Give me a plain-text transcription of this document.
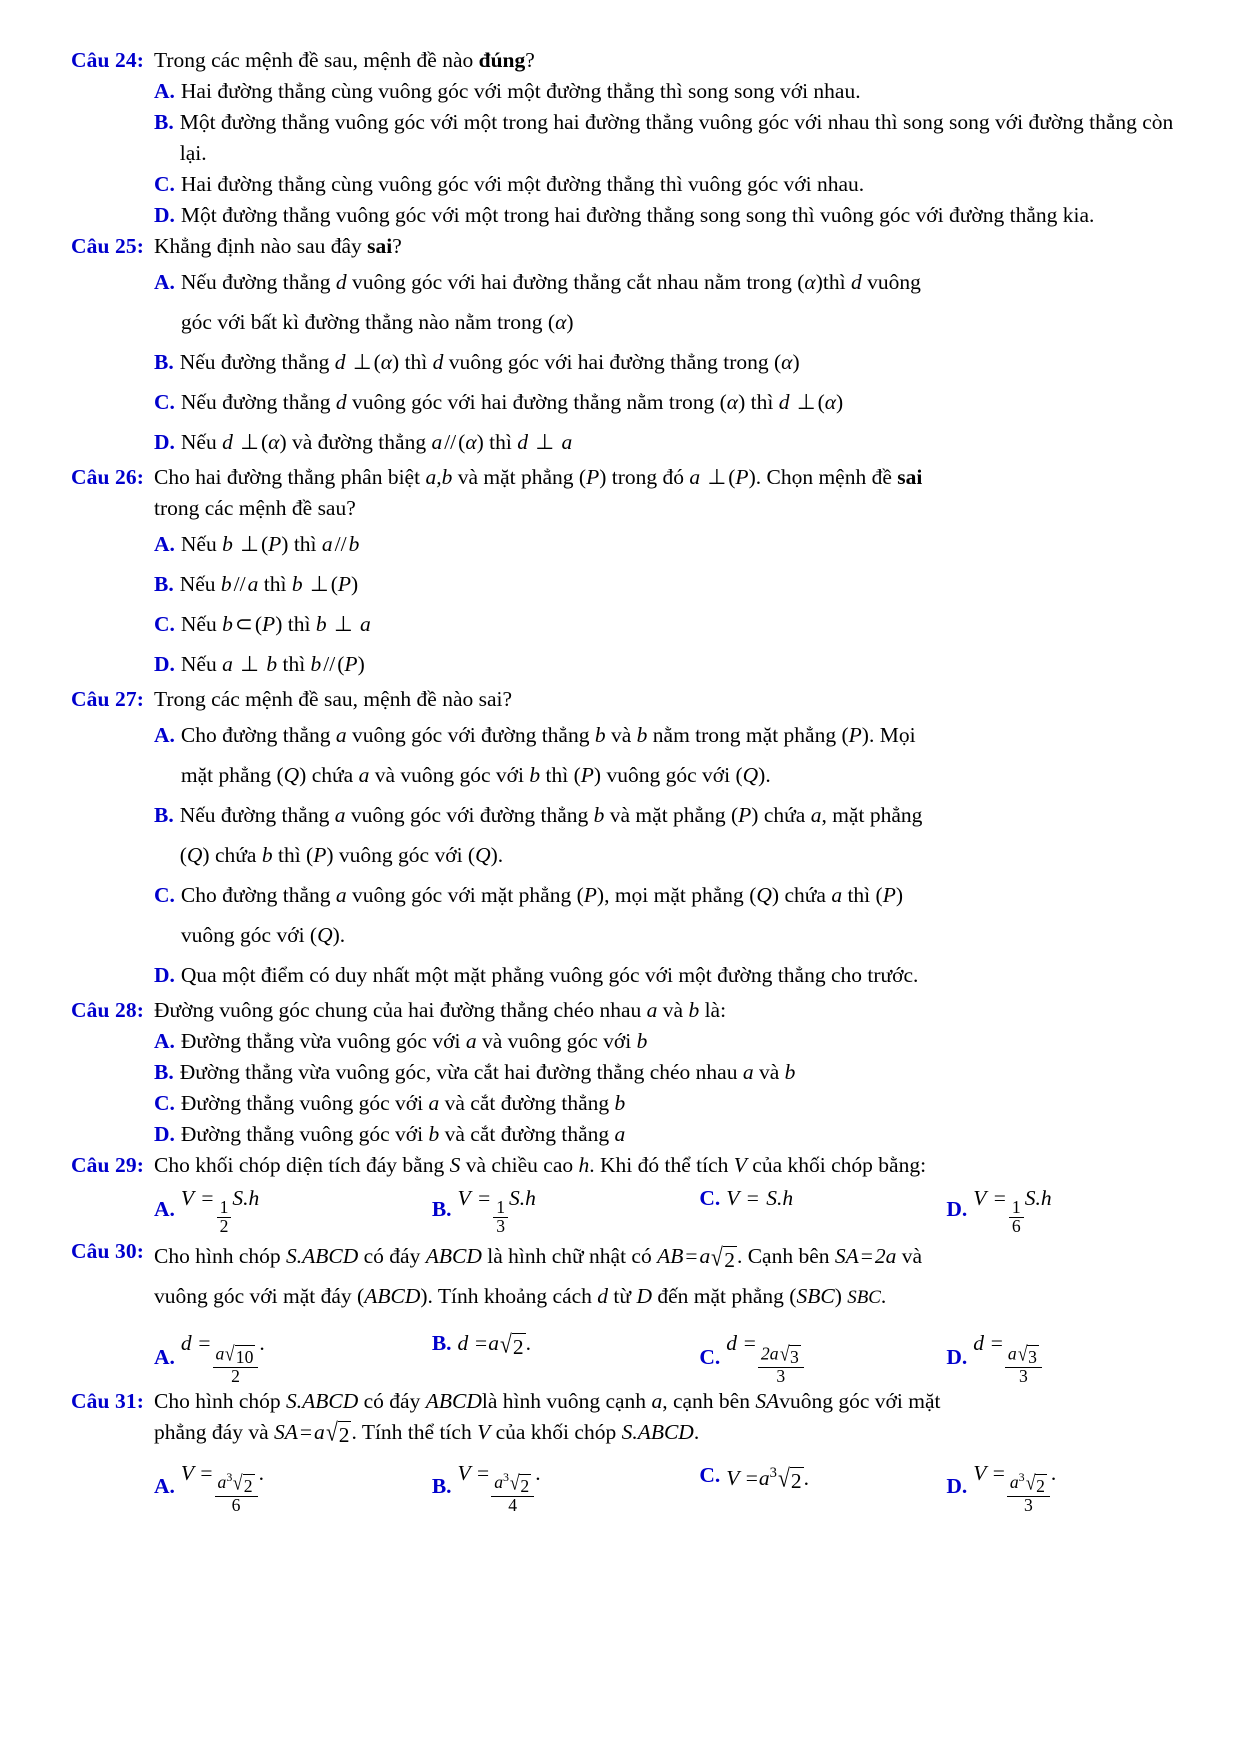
Câu 24: Trong các mệnh đề sau, mệnh đề nào đúng?
A. Hai đường thẳng cùng vuông góc với một đường thẳng thì song song với nhau.
B. Một đường thẳng vuông góc với một trong hai đường thẳng vuông góc với nhau thì song song với đường thẳng còn lại.
C. Hai đường thẳng cùng vuông góc với một đường thẳng thì vuông góc với nhau.
D. Một đường thẳng vuông góc với một trong hai đường thẳng song song thì vuông góc với đường thẳng kia.
Câu 25: Khẳng định nào sau đây sai?
A. Nếu đường thẳng d vuông góc với hai đường thẳng cắt nhau nằm trong (α)thì d vuông
góc với bất kì đường thẳng nào nằm trong (α)
B. Nếu đường thẳng d ⊥(α) thì d vuông góc với hai đường thẳng trong (α)
C. Nếu đường thẳng d vuông góc với hai đường thẳng nằm trong (α) thì d ⊥(α)
D. Nếu d ⊥(α) và đường thẳng a//(α) thì d ⊥ a
Câu 26: Cho hai đường thẳng phân biệt a,b và mặt phẳng (P) trong đó a ⊥(P). Chọn mệnh đề sai
trong các mệnh đề sau?
A. Nếu b ⊥(P) thì a//b
B. Nếu b//a thì b ⊥(P)
C. Nếu b⊂(P) thì b ⊥ a
D. Nếu a ⊥ b thì b//(P)
Câu 27: Trong các mệnh đề sau, mệnh đề nào sai?
A. Cho đường thẳng a vuông góc với đường thẳng b và b nằm trong mặt phẳng (P). Mọi
mặt phẳng (Q) chứa a và vuông góc với b thì (P) vuông góc với (Q).
B. Nếu đường thẳng a vuông góc với đường thẳng b và mặt phẳng (P) chứa a, mặt phẳng
(Q) chứa b thì (P) vuông góc với (Q).
C. Cho đường thẳng a vuông góc với mặt phẳng (P), mọi mặt phẳng (Q) chứa a thì (P)
vuông góc với (Q).
D. Qua một điểm có duy nhất một mặt phẳng vuông góc với một đường thẳng cho trước.
Câu 28: Đường vuông góc chung của hai đường thẳng chéo nhau a và b là:
A. Đường thẳng vừa vuông góc với a và vuông góc với b
B. Đường thẳng vừa vuông góc, vừa cắt hai đường thẳng chéo nhau a và b
C. Đường thẳng vuông góc với a và cắt đường thẳng b
D. Đường thẳng vuông góc với b và cắt đường thẳng a
Câu 29: Cho khối chóp diện tích đáy bằng S và chiều cao h. Khi đó thể tích V của khối chóp bằng:
A. V =
$\frac{1}{2}$
S.h	B. V =
$\frac{1}{3}$
S.h	C. V = S.h	D. V =
$\frac{1}{6}$
S.h
Câu 30: Cho hình chóp S.ABCD có đáy ABCD là hình chữ nhật có AB=a √ 2 . Cạnh bên SA=2a và
vuông góc với mặt đáy (ABCD). Tính khoảng cách d từ D đến mặt phẳng (SBC) SBC.
A.
d =
$\frac{a √ 10}{2}$
.	B. d =a √ 2 .
C.
d =
$\frac{2a √ 3}{3}$	D.
d =
$\frac{a √ 3}{3}$
Câu 31: Cho hình chóp S.ABCD có đáy ABCDlà hình vuông cạnh a, cạnh bên SAvuông góc với mặt
phẳng đáy và SA=a √ 2 . Tính thể tích V của khối chóp S.ABCD.
A.
$V = \frac{a^3 √ 2}{6}$ .
B.
$V = \frac{a^3 √ 2}{4}$ .	C. $V =a^3$ √ 2 .	D.
$V = \frac{a^3 √ 2}{3}$ .
